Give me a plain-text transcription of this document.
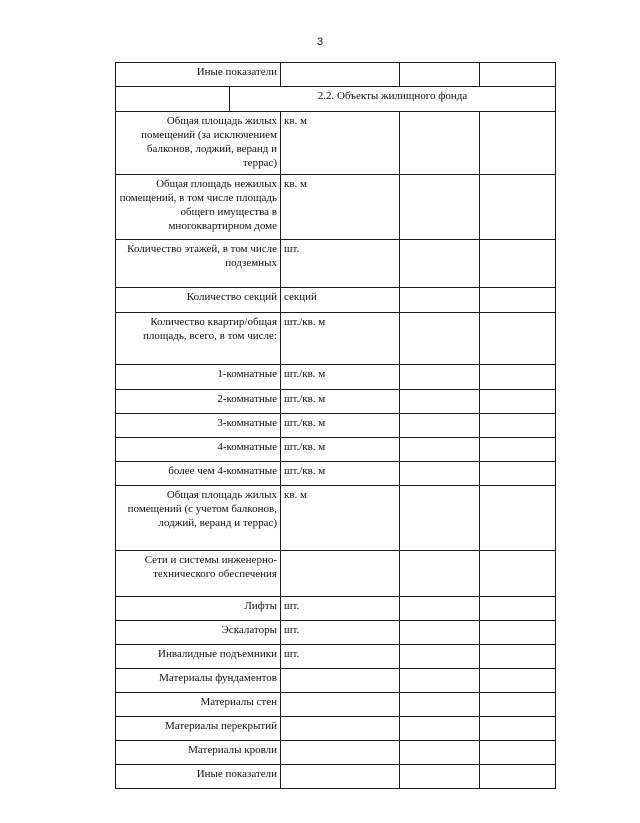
3
Иные показатели				
	2.2. Объекты жилищного фонда			
Общая площадь жилых помещений (за исключением балконов, лоджий, веранд и террас)		кв. м		
Общая площадь нежилых помещений, в том числе площадь общего имущества в многоквартирном доме		кв. м		
Количество этажей, в том числе подземных		шт.		
Количество секций		секций		
Количество квартир/общая площадь, всего, в том числе:		шт./кв. м		
1-комнатные		шт./кв. м		
2-комнатные		шт./кв. м		
3-комнатные		шт./кв. м		
4-комнатные		шт./кв. м		
более чем 4-комнатные		шт./кв. м		
Общая площадь жилых помещений (с учетом балконов, лоджий, веранд и террас)		кв. м		
Сети и системы инженерно-технического обеспечения				
Лифты		шт.		
Эскалаторы		шт.		
Инвалидные подъемники		шт.		
Материалы фундаментов				
Материалы стен				
Материалы перекрытий				
Материалы кровли				
Иные показатели				
